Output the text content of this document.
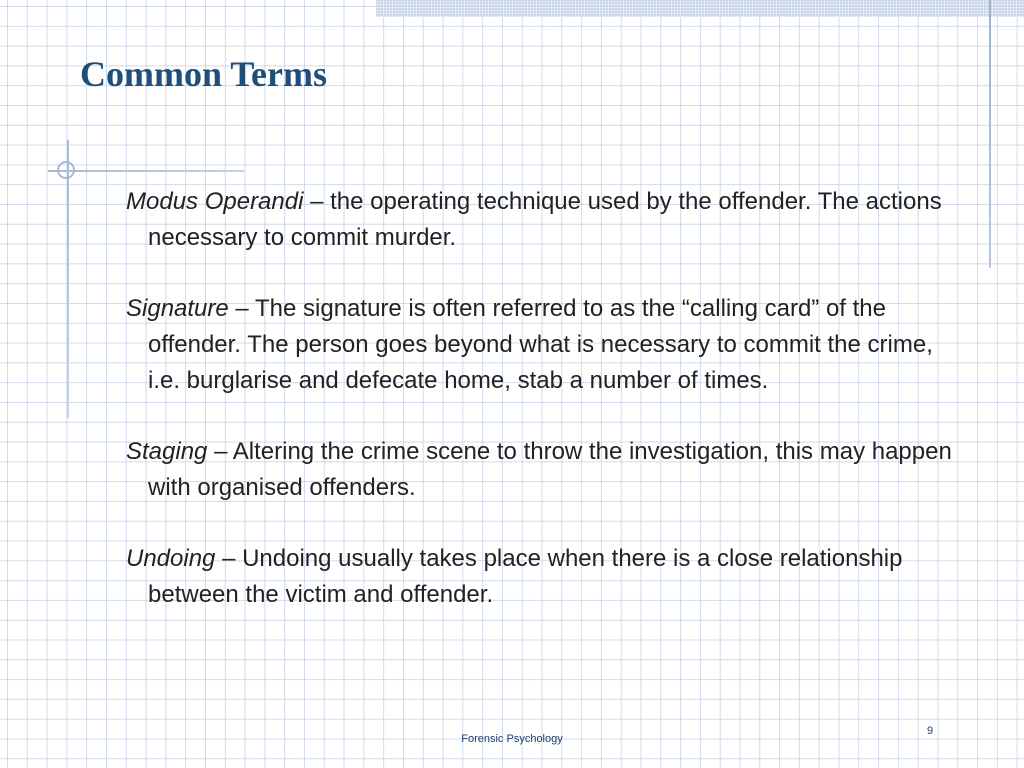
Common Terms

Modus Operandi – the operating technique used by the offender. The actions necessary to commit murder.

Signature – The signature is often referred to as the “calling card” of the offender. The person goes beyond what is necessary to commit the crime, i.e. burglarise and defecate home, stab a number of times.

Staging – Altering the crime scene to throw the investigation, this may happen with organised offenders.

Undoing – Undoing usually takes place when there is a close relationship between the victim and offender.

Forensic Psychology
9
